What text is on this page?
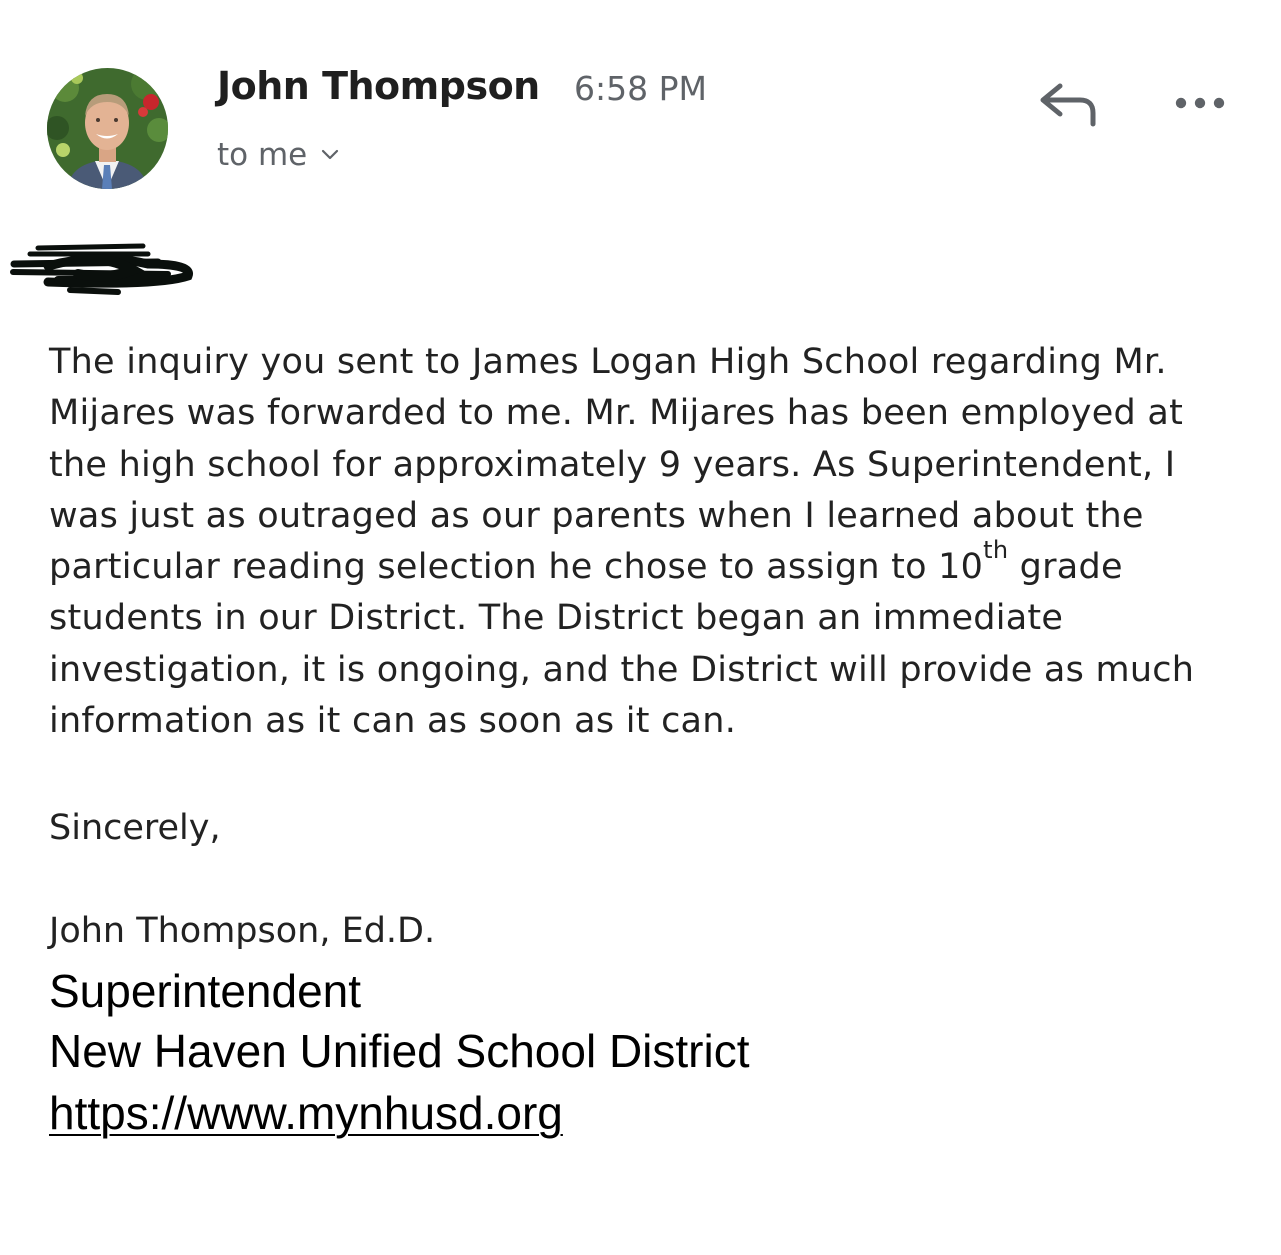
John Thompson 6:58 PM
to me

The inquiry you sent to James Logan High School regarding Mr. Mijares was forwarded to me. Mr. Mijares has been employed at the high school for approximately 9 years. As Superintendent, I was just as outraged as our parents when I learned about the particular reading selection he chose to assign to 10th grade students in our District. The District began an immediate investigation, it is ongoing, and the District will provide as much information as it can as soon as it can.

Sincerely,
John Thompson, Ed.D.
Superintendent
New Haven Unified School District
https://www.mynhusd.org
